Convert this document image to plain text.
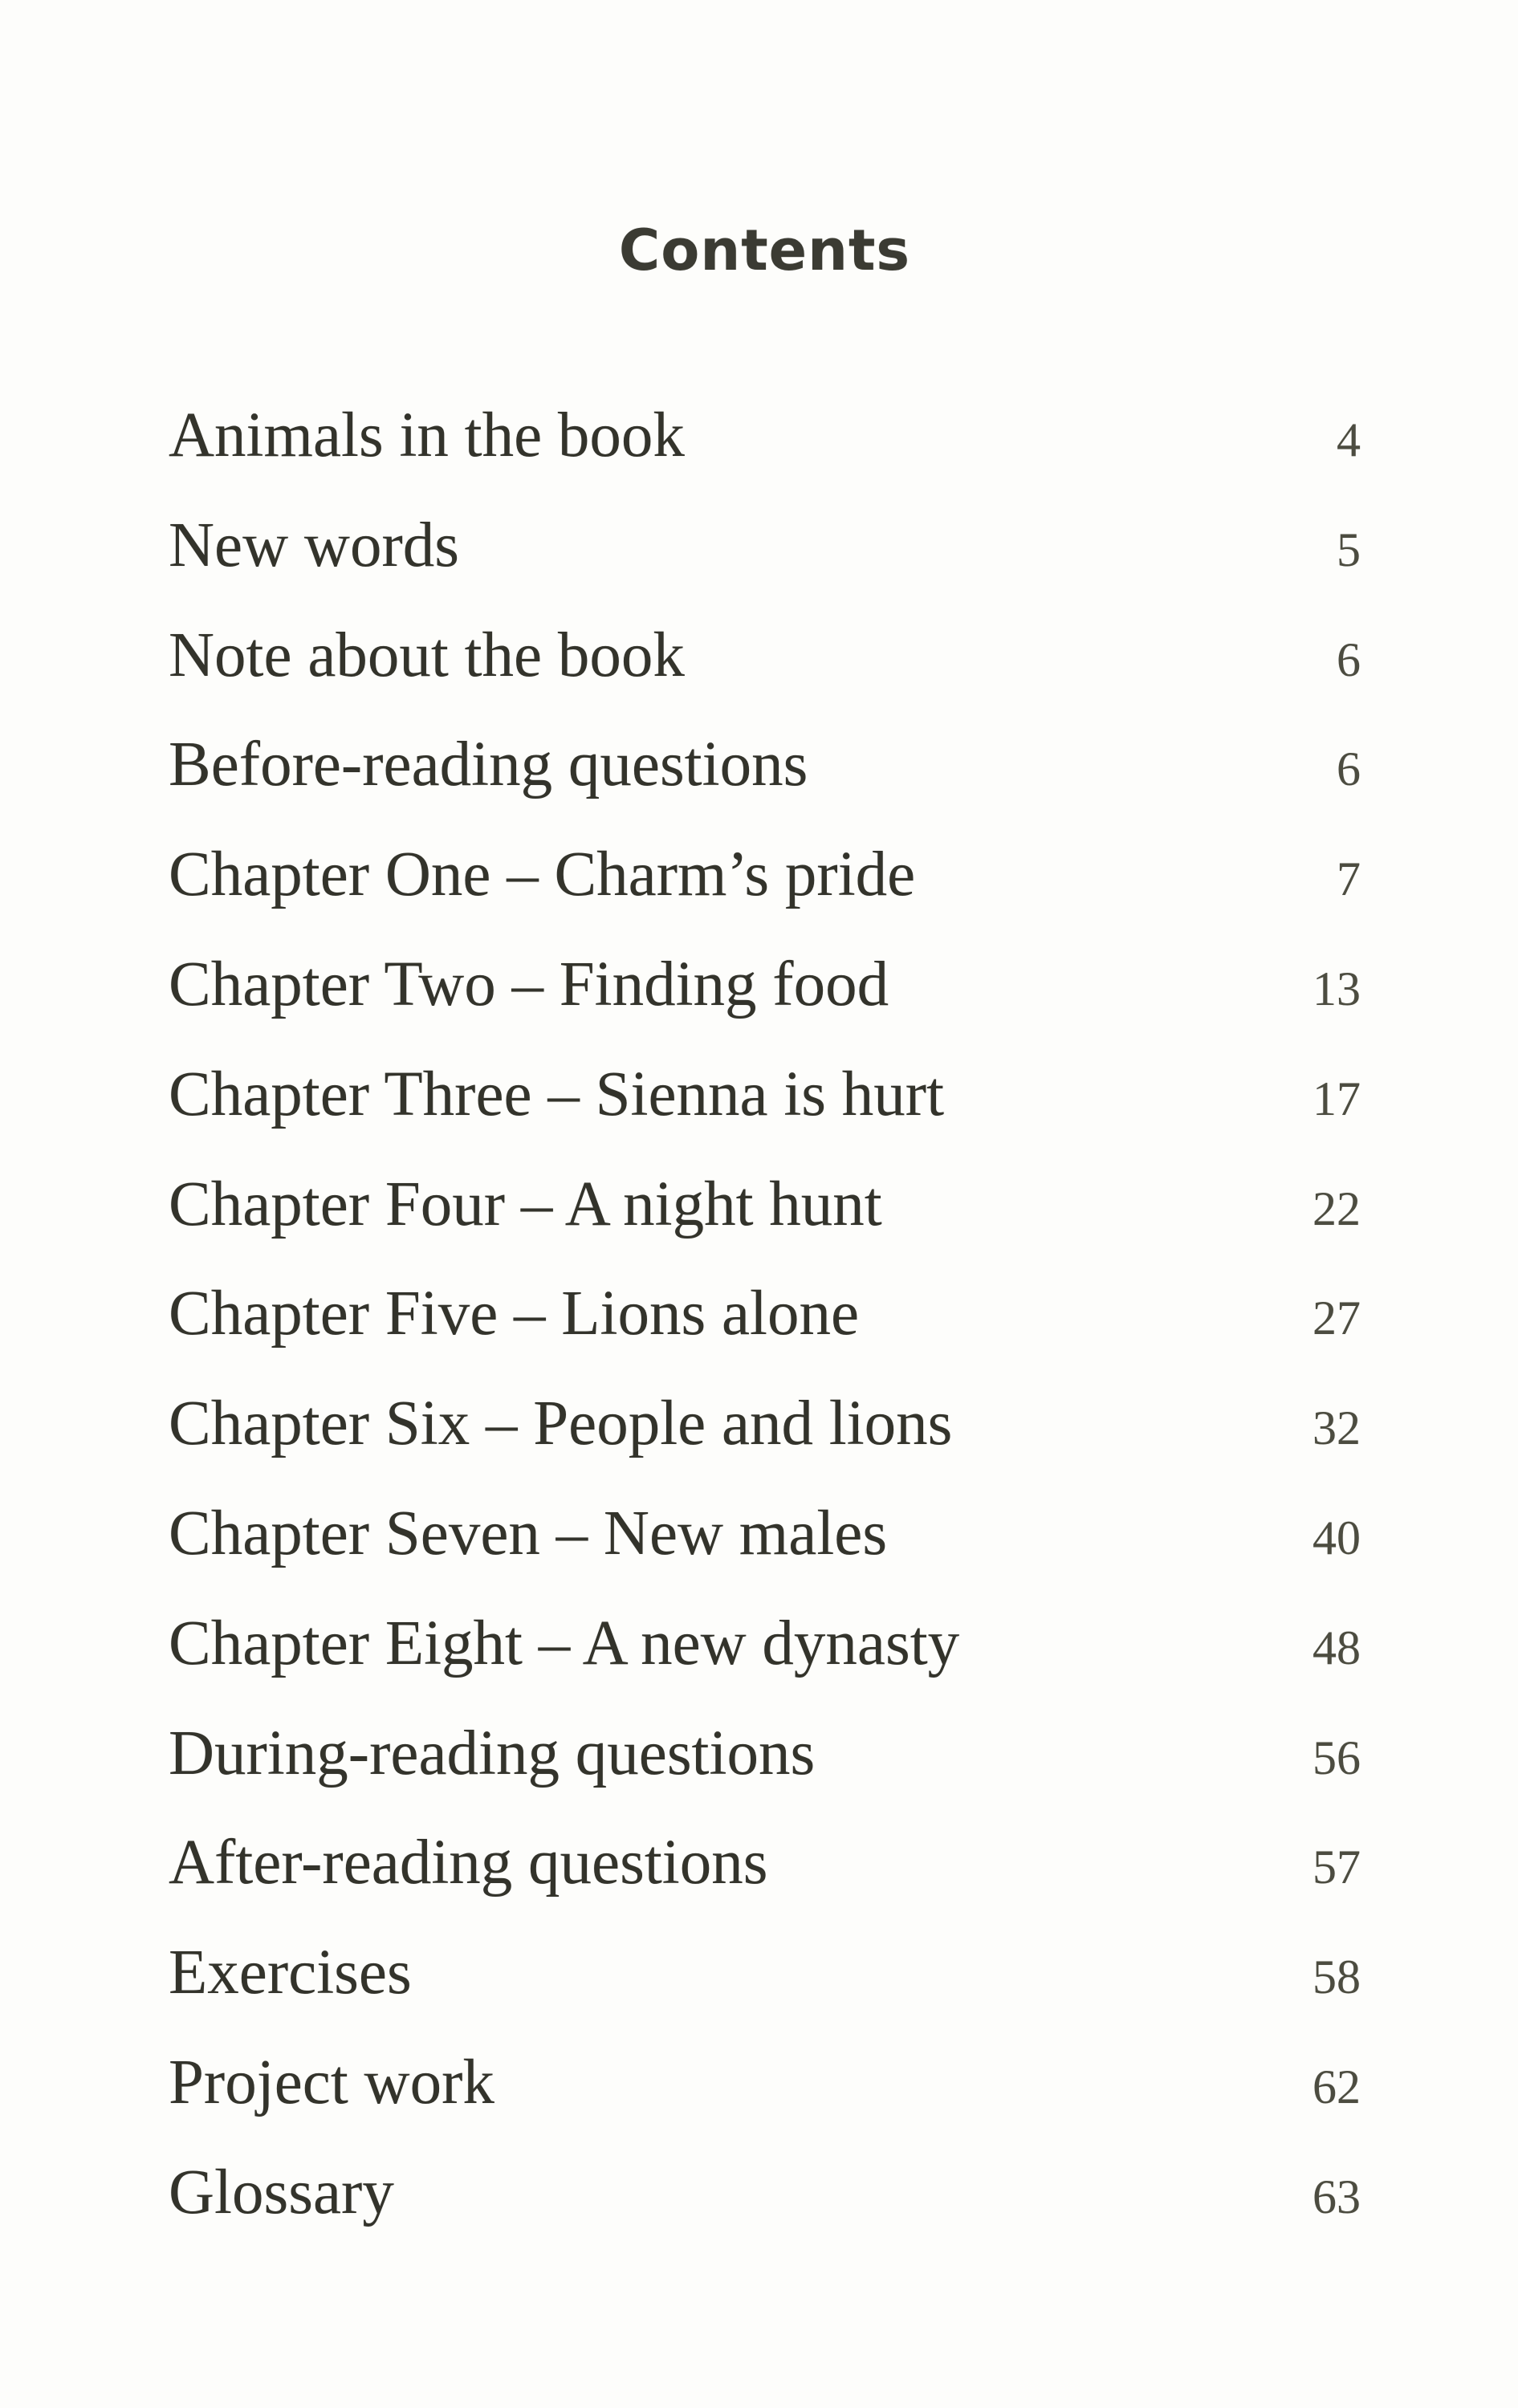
Contents
Animals in the book	4
New words	5
Note about the book	6
Before-reading questions	6
Chapter One – Charm’s pride	7
Chapter Two – Finding food	13
Chapter Three – Sienna is hurt	17
Chapter Four – A night hunt	22
Chapter Five – Lions alone	27
Chapter Six – People and lions	32
Chapter Seven – New males	40
Chapter Eight – A new dynasty	48
During-reading questions	56
After-reading questions	57
Exercises	58
Project work	62
Glossary	63
